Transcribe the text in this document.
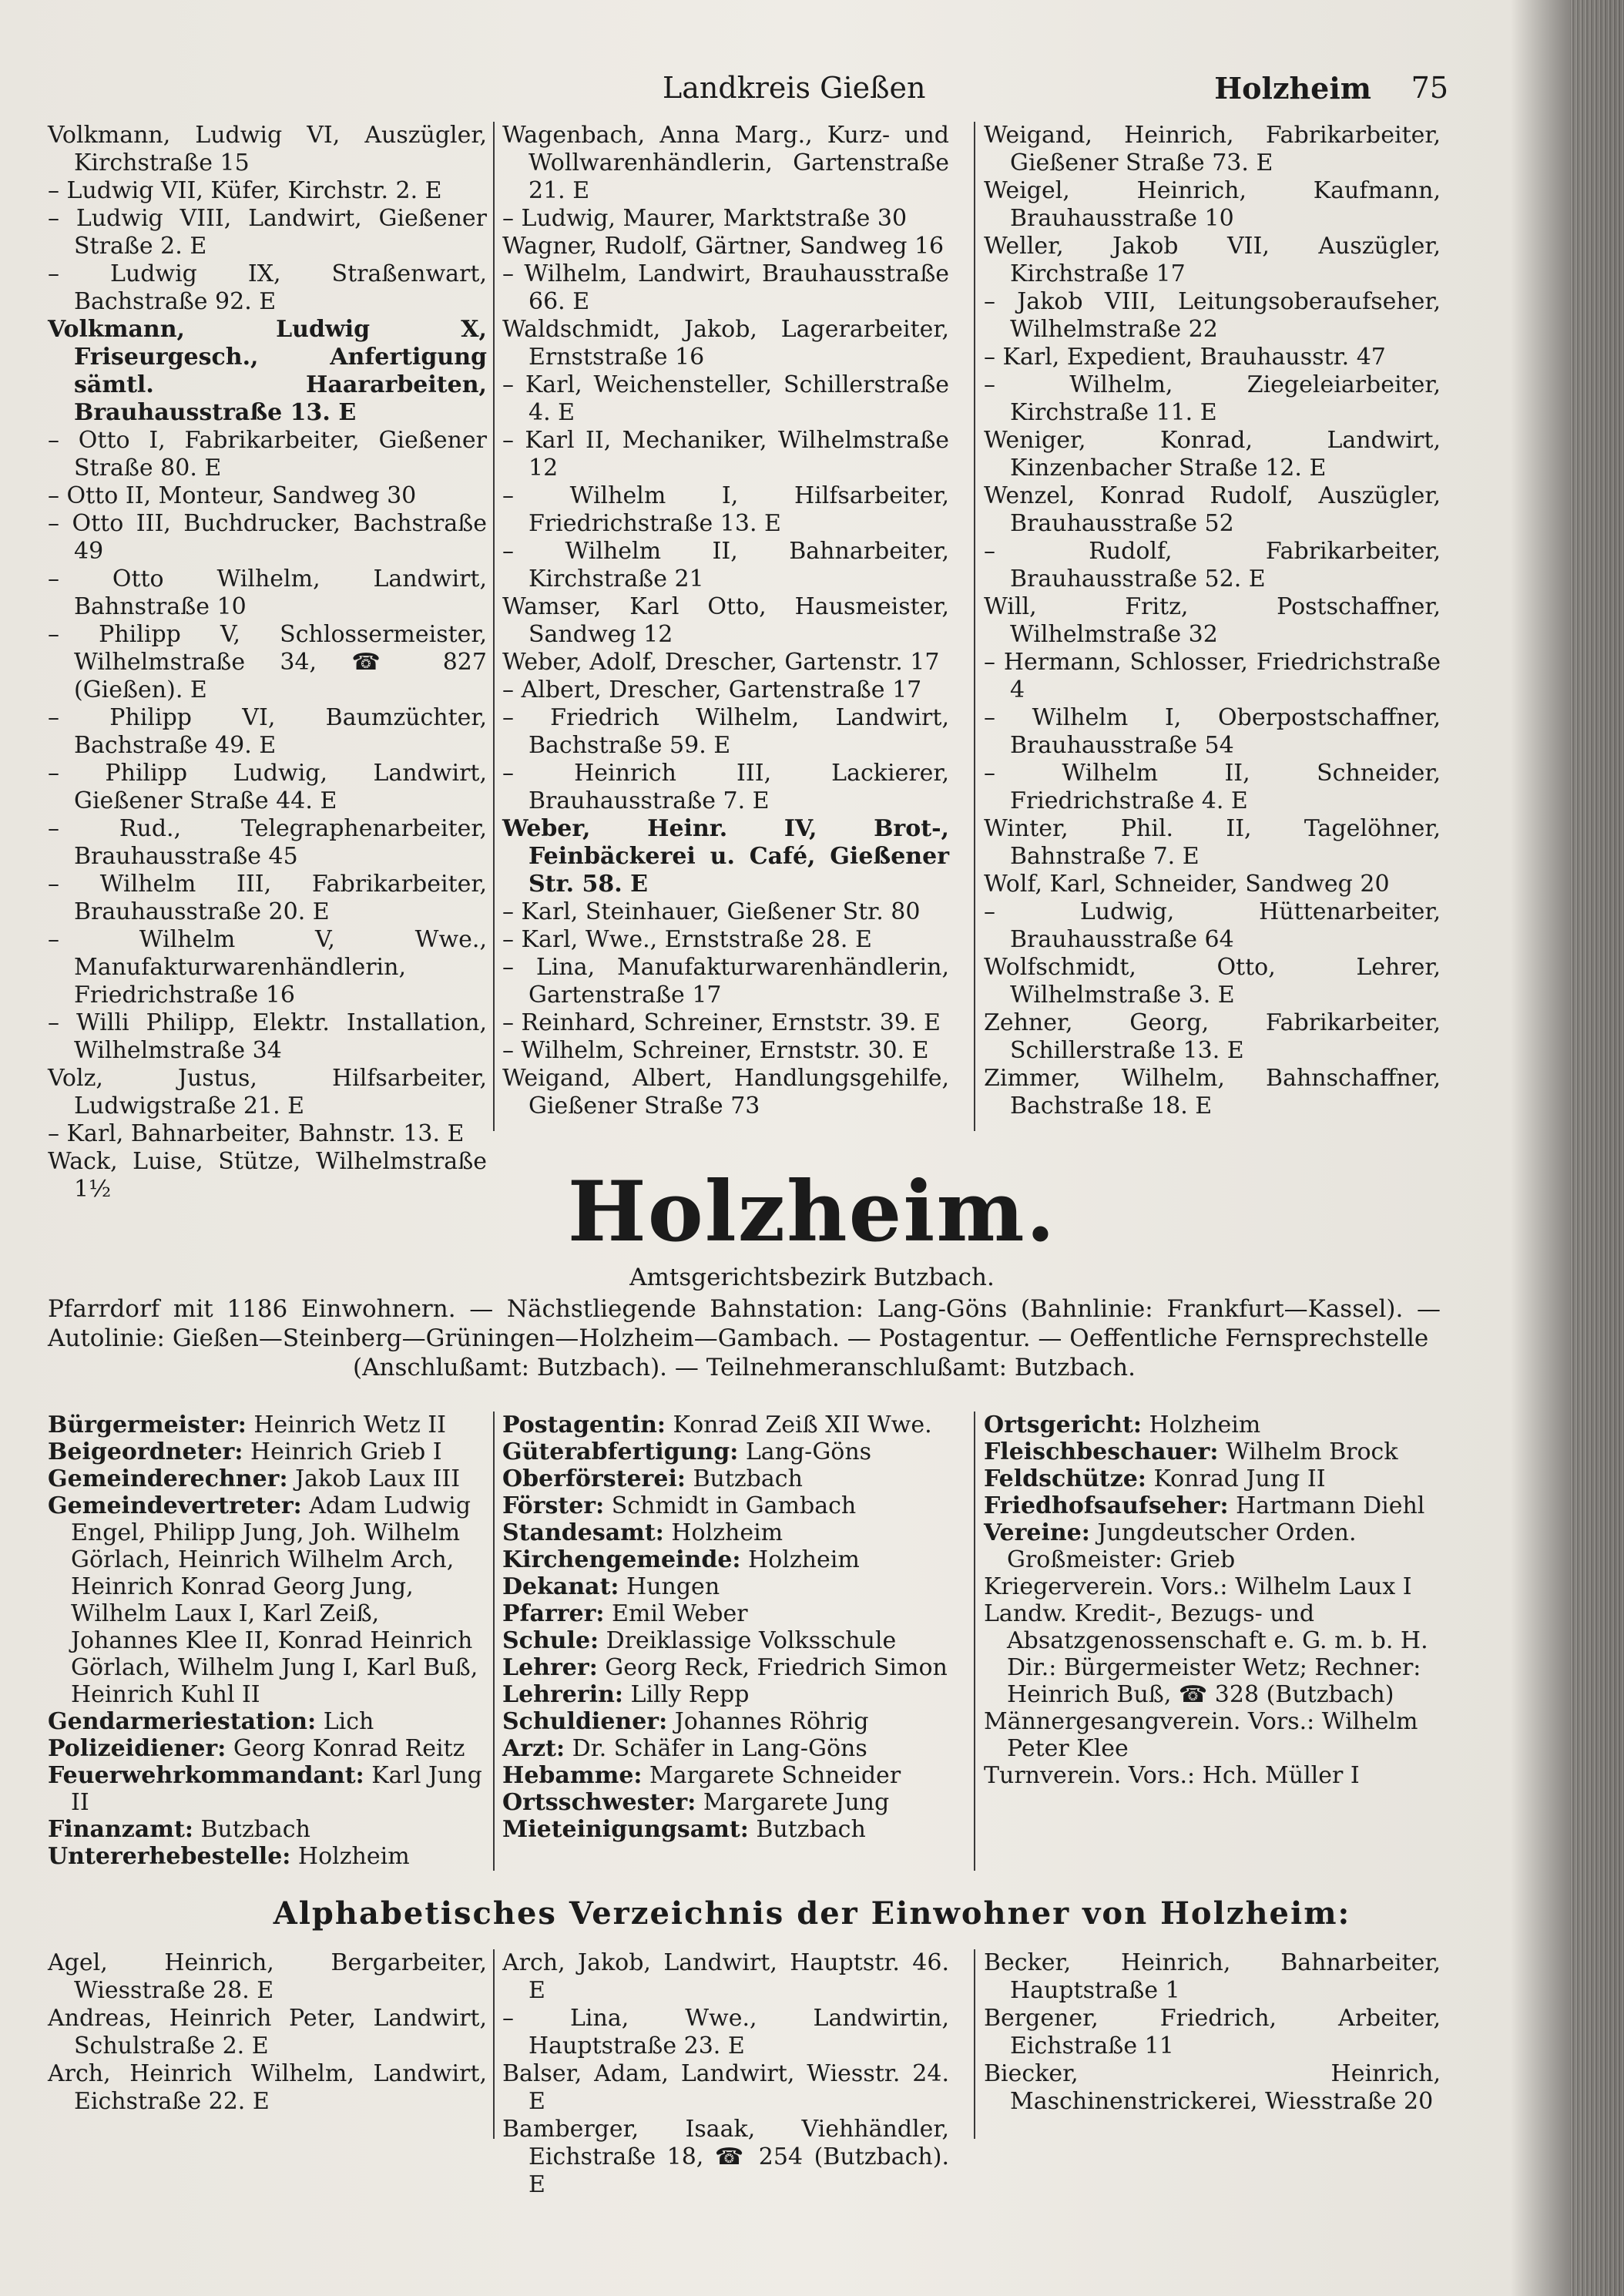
Landkreis Gießen	Holzheim 75
Volkmann, Ludwig VI, Auszügler, Kirchstraße 15
– Ludwig VII, Küfer, Kirchstr. 2. E
– Ludwig VIII, Landwirt, Gießener Straße 2. E
– Ludwig IX, Straßenwart, Bachstraße 92. E
Volkmann, Ludwig X, Friseurgesch., Anfertigung sämtl. Haararbeiten, Brauhausstraße 13. E
– Otto I, Fabrikarbeiter, Gießener Straße 80. E
– Otto II, Monteur, Sandweg 30
– Otto III, Buchdrucker, Bachstraße 49
– Otto Wilhelm, Landwirt, Bahnstraße 10
– Philipp V, Schlossermeister, Wilhelmstraße 34, ☎ 827 (Gießen). E
– Philipp VI, Baumzüchter, Bachstraße 49. E
– Philipp Ludwig, Landwirt, Gießener Straße 44. E
– Rud., Telegraphenarbeiter, Brauhausstraße 45
– Wilhelm III, Fabrikarbeiter, Brauhausstraße 20. E
– Wilhelm V, Wwe., Manufakturwarenhändlerin, Friedrichstraße 16
– Willi Philipp, Elektr. Installation, Wilhelmstraße 34
Volz, Justus, Hilfsarbeiter, Ludwigstraße 21. E
– Karl, Bahnarbeiter, Bahnstr. 13. E
Wack, Luise, Stütze, Wilhelmstraße 1½
Wagenbach, Anna Marg., Kurz- und Wollwarenhändlerin, Gartenstraße 21. E
– Ludwig, Maurer, Marktstraße 30
Wagner, Rudolf, Gärtner, Sandweg 16
– Wilhelm, Landwirt, Brauhausstraße 66. E
Waldschmidt, Jakob, Lagerarbeiter, Ernststraße 16
– Karl, Weichensteller, Schillerstraße 4. E
– Karl II, Mechaniker, Wilhelmstraße 12
– Wilhelm I, Hilfsarbeiter, Friedrichstraße 13. E
– Wilhelm II, Bahnarbeiter, Kirchstraße 21
Wamser, Karl Otto, Hausmeister, Sandweg 12
Weber, Adolf, Drescher, Gartenstr. 17
– Albert, Drescher, Gartenstraße 17
– Friedrich Wilhelm, Landwirt, Bachstraße 59. E
– Heinrich III, Lackierer, Brauhausstraße 7. E
Weber, Heinr. IV, Brot-, Feinbäckerei u. Café, Gießener Str. 58. E
– Karl, Steinhauer, Gießener Str. 80
– Karl, Wwe., Ernststraße 28. E
– Lina, Manufakturwarenhändlerin, Gartenstraße 17
– Reinhard, Schreiner, Ernststr. 39. E
– Wilhelm, Schreiner, Ernststr. 30. E
Weigand, Albert, Handlungsgehilfe, Gießener Straße 73
Weigand, Heinrich, Fabrikarbeiter, Gießener Straße 73. E
Weigel, Heinrich, Kaufmann, Brauhausstraße 10
Weller, Jakob VII, Auszügler, Kirchstraße 17
– Jakob VIII, Leitungsoberaufseher, Wilhelmstraße 22
– Karl, Expedient, Brauhausstr. 47
– Wilhelm, Ziegeleiarbeiter, Kirchstraße 11. E
Weniger, Konrad, Landwirt, Kinzenbacher Straße 12. E
Wenzel, Konrad Rudolf, Auszügler, Brauhausstraße 52
– Rudolf, Fabrikarbeiter, Brauhausstraße 52. E
Will, Fritz, Postschaffner, Wilhelmstraße 32
– Hermann, Schlosser, Friedrichstraße 4
– Wilhelm I, Oberpostschaffner, Brauhausstraße 54
– Wilhelm II, Schneider, Friedrichstraße 4. E
Winter, Phil. II, Tagelöhner, Bahnstraße 7. E
Wolf, Karl, Schneider, Sandweg 20
– Ludwig, Hüttenarbeiter, Brauhausstraße 64
Wolfschmidt, Otto, Lehrer, Wilhelmstraße 3. E
Zehner, Georg, Fabrikarbeiter, Schillerstraße 13. E
Zimmer, Wilhelm, Bahnschaffner, Bachstraße 18. E
Holzheim.
Amtsgerichtsbezirk Butzbach.
Pfarrdorf mit 1186 Einwohnern. — Nächstliegende Bahnstation: Lang-Göns (Bahnlinie: Frankfurt—Kassel). — Autolinie: Gießen—Steinberg—Grüningen—Holzheim—Gambach. — Postagentur. — Oeffentliche Fernsprechstelle
(Anschlußamt: Butzbach). — Teilnehmeranschlußamt: Butzbach.
Bürgermeister: Heinrich Wetz II
Beigeordneter: Heinrich Grieb I
Gemeinderechner: Jakob Laux III
Gemeindevertreter: Adam Ludwig Engel, Philipp Jung, Joh. Wilhelm Görlach, Heinrich Wilhelm Arch, Heinrich Konrad Georg Jung, Wilhelm Laux I, Karl Zeiß, Johannes Klee II, Konrad Heinrich Görlach, Wilhelm Jung I, Karl Buß, Heinrich Kuhl II
Gendarmeriestation: Lich
Polizeidiener: Georg Konrad Reitz
Feuerwehrkommandant: Karl Jung II
Finanzamt: Butzbach
Untererhebestelle: Holzheim
Postagentin: Konrad Zeiß XII Wwe.
Güterabfertigung: Lang-Göns
Oberförsterei: Butzbach
Förster: Schmidt in Gambach
Standesamt: Holzheim
Kirchengemeinde: Holzheim
Dekanat: Hungen
Pfarrer: Emil Weber
Schule: Dreiklassige Volksschule
Lehrer: Georg Reck, Friedrich Simon
Lehrerin: Lilly Repp
Schuldiener: Johannes Röhrig
Arzt: Dr. Schäfer in Lang-Göns
Hebamme: Margarete Schneider
Ortsschwester: Margarete Jung
Mieteinigungsamt: Butzbach
Ortsgericht: Holzheim
Fleischbeschauer: Wilhelm Brock
Feldschütze: Konrad Jung II
Friedhofsaufseher: Hartmann Diehl
Vereine: Jungdeutscher Orden. Großmeister: Grieb
Kriegerverein. Vors.: Wilhelm Laux I
Landw. Kredit-, Bezugs- und Absatzgenossenschaft e. G. m. b. H. Dir.: Bürgermeister Wetz; Rechner: Heinrich Buß, ☎ 328 (Butzbach)
Männergesangverein. Vors.: Wilhelm Peter Klee
Turnverein. Vors.: Hch. Müller I
Alphabetisches Verzeichnis der Einwohner von Holzheim:
Agel, Heinrich, Bergarbeiter, Wiesstraße 28. E
Andreas, Heinrich Peter, Landwirt, Schulstraße 2. E
Arch, Heinrich Wilhelm, Landwirt, Eichstraße 22. E
Arch, Jakob, Landwirt, Hauptstr. 46. E
– Lina, Wwe., Landwirtin, Hauptstraße 23. E
Balser, Adam, Landwirt, Wiesstr. 24. E
Bamberger, Isaak, Viehhändler, Eichstraße 18, ☎ 254 (Butzbach). E
Becker, Heinrich, Bahnarbeiter, Hauptstraße 1
Bergener, Friedrich, Arbeiter, Eichstraße 11
Biecker, Heinrich, Maschinenstrickerei, Wiesstraße 20
